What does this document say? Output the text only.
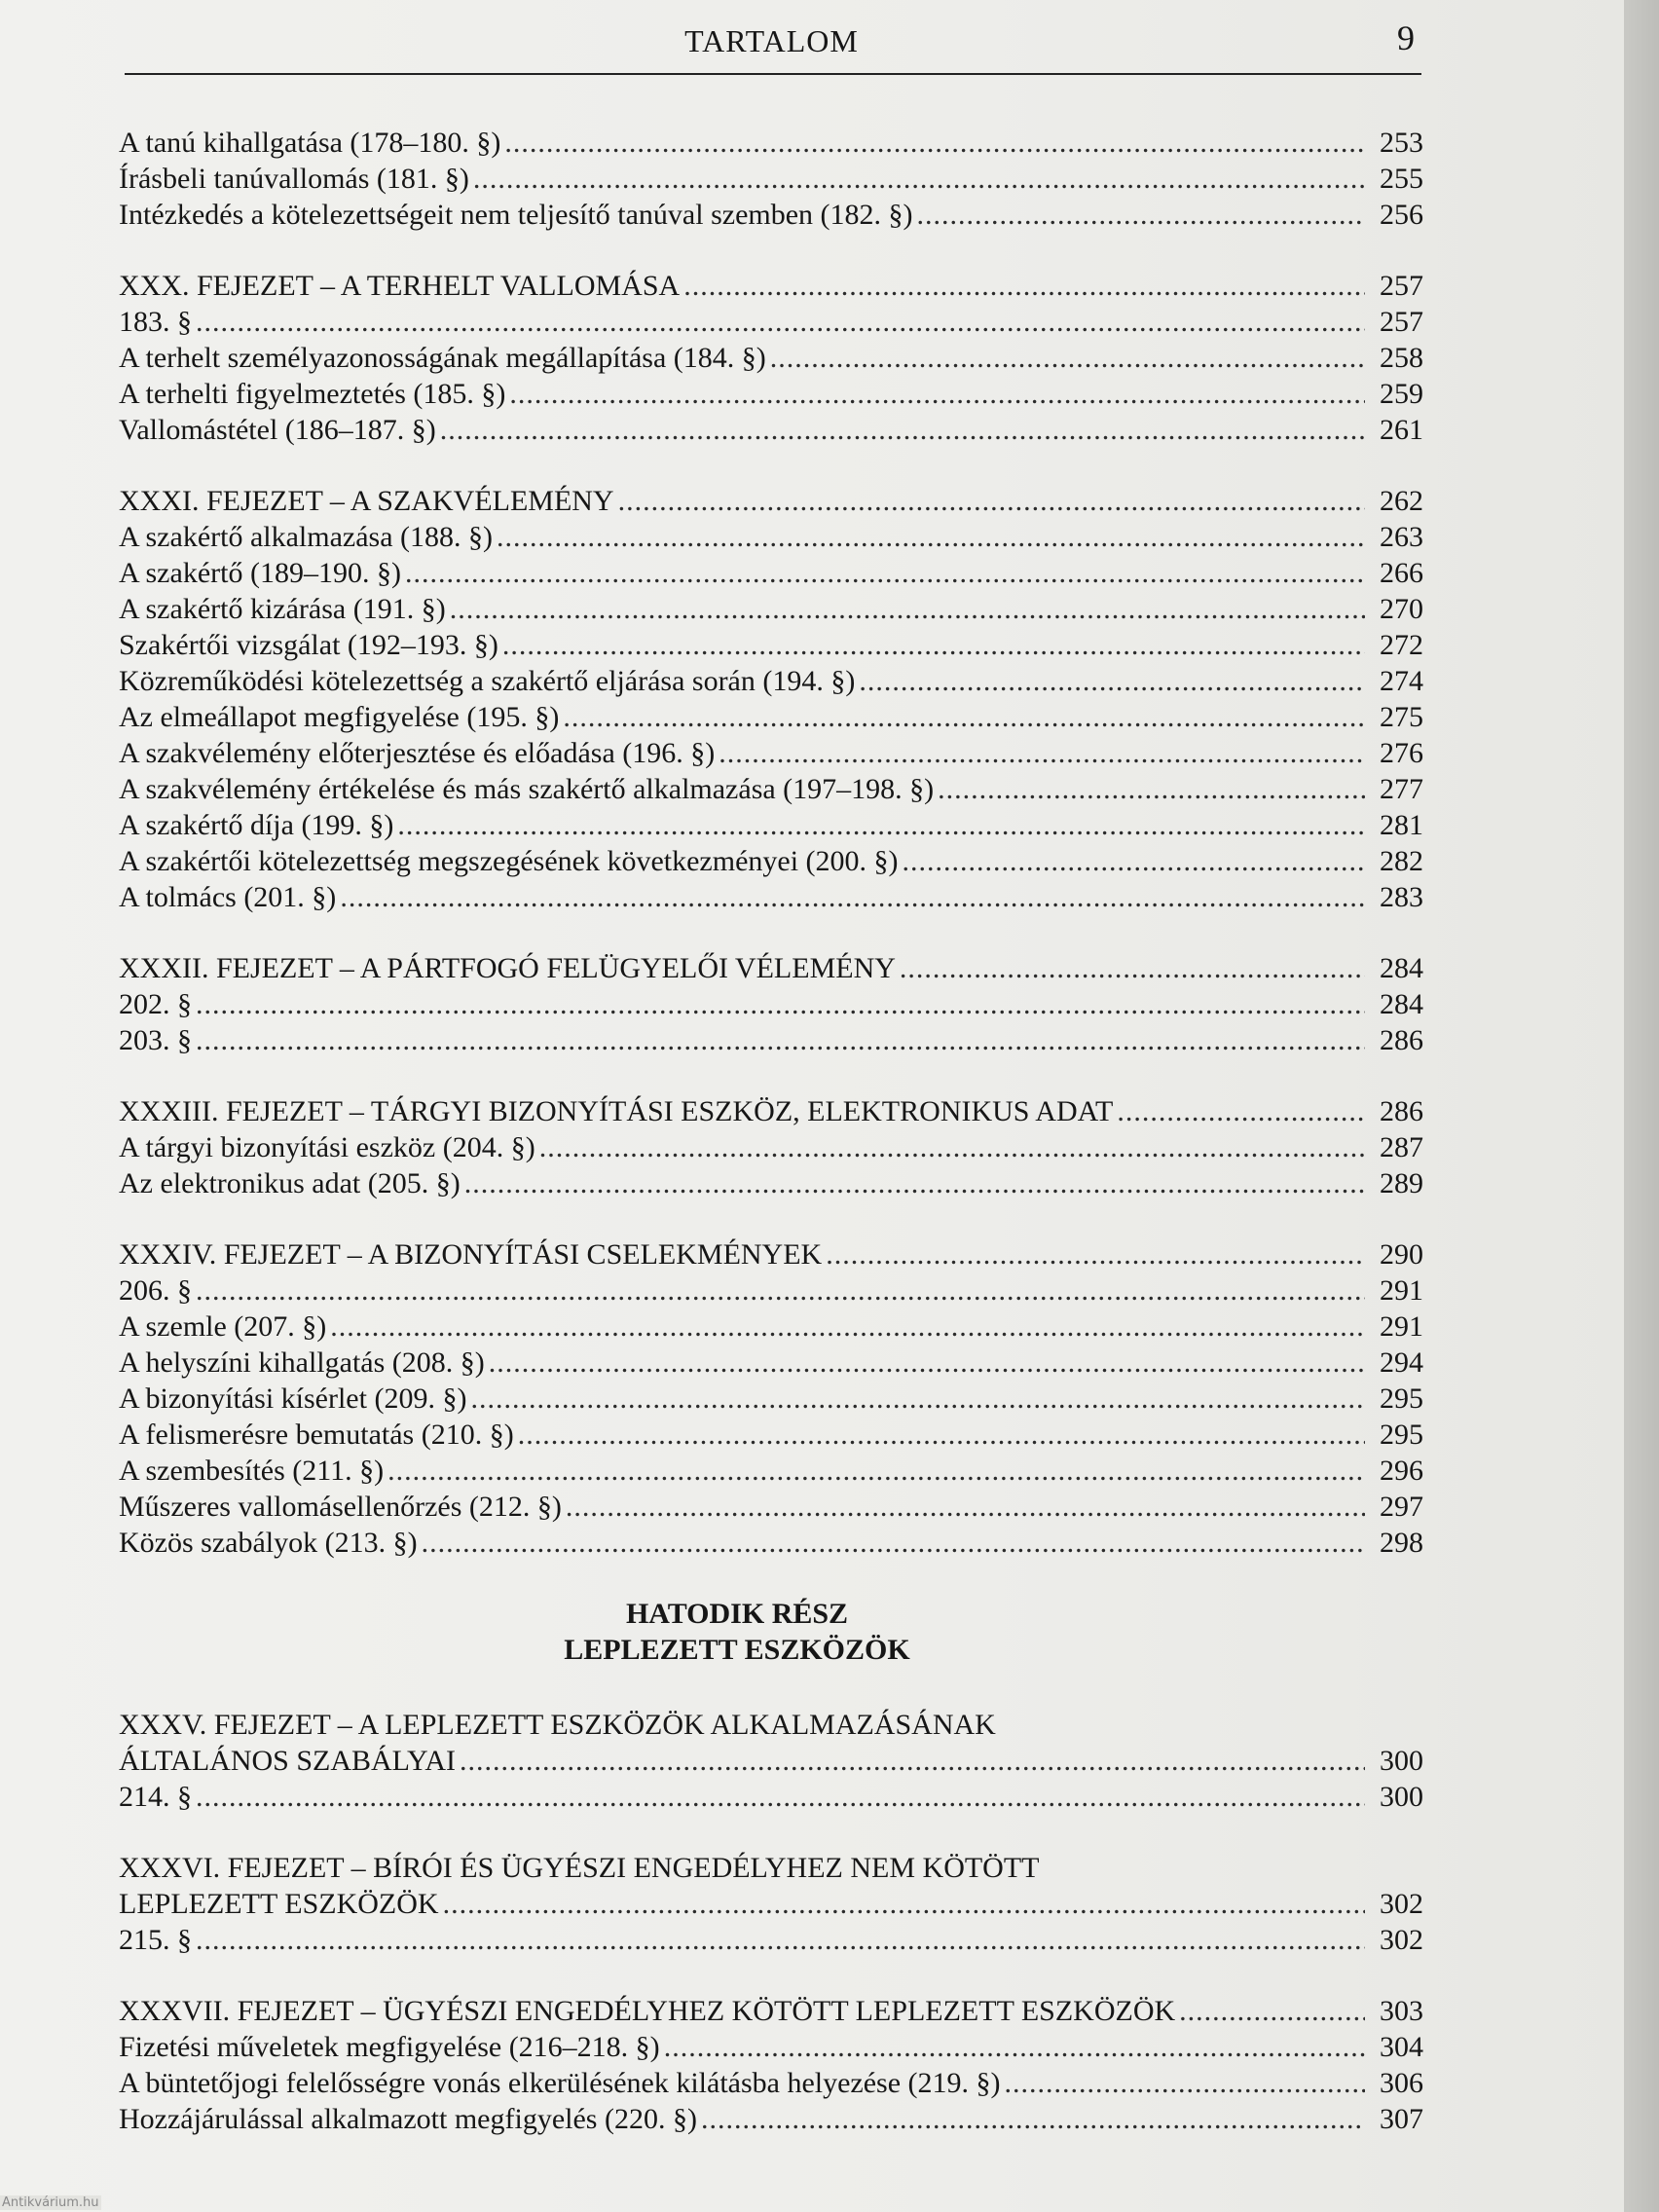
TARTALOM	9
A tanú kihallgatása (178–180. §) .....	253
Írásbeli tanúvallomás (181. §) .....	255
Intézkedés a kötelezettségeit nem teljesítő tanúval szemben (182. §) .....	256
XXX. FEJEZET – A TERHELT VALLOMÁSA .....	257
183. § .....	257
A terhelt személyazonosságának megállapítása (184. §) .....	258
A terhelti figyelmeztetés (185. §) .....	259
Vallomástétel (186–187. §) .....	261
XXXI. FEJEZET – A SZAKVÉLEMÉNY .....	262
A szakértő alkalmazása (188. §) .....	263
A szakértő (189–190. §) .....	266
A szakértő kizárása (191. §) .....	270
Szakértői vizsgálat (192–193. §) .....	272
Közreműködési kötelezettség a szakértő eljárása során (194. §) .....	274
Az elmeállapot megfigyelése (195. §) .....	275
A szakvélemény előterjesztése és előadása (196. §) .....	276
A szakvélemény értékelése és más szakértő alkalmazása (197–198. §) .....	277
A szakértő díja (199. §) .....	281
A szakértői kötelezettség megszegésének következményei (200. §) .....	282
A tolmács (201. §) .....	283
XXXII. FEJEZET – A PÁRTFOGÓ FELÜGYELŐI VÉLEMÉNY .....	284
202. § .....	284
203. § .....	286
XXXIII. FEJEZET – TÁRGYI BIZONYÍTÁSI ESZKÖZ, ELEKTRONIKUS ADAT .....	286
A tárgyi bizonyítási eszköz (204. §) .....	287
Az elektronikus adat (205. §) .....	289
XXXIV. FEJEZET – A BIZONYÍTÁSI CSELEKMÉNYEK .....	290
206. § .....	291
A szemle (207. §) .....	291
A helyszíni kihallgatás (208. §) .....	294
A bizonyítási kísérlet (209. §) .....	295
A felismerésre bemutatás (210. §) .....	295
A szembesítés (211. §) .....	296
Műszeres vallomásellenőrzés (212. §) .....	297
Közös szabályok (213. §) .....	298
HATODIK RÉSZ
LEPLEZETT ESZKÖZÖK
XXXV. FEJEZET – A LEPLEZETT ESZKÖZÖK ALKALMAZÁSÁNAK
ÁLTALÁNOS SZABÁLYAI .....	300
214. § .....	300
XXXVI. FEJEZET – BÍRÓI ÉS ÜGYÉSZI ENGEDÉLYHEZ NEM KÖTÖTT
LEPLEZETT ESZKÖZÖK .....	302
215. § .....	302
XXXVII. FEJEZET – ÜGYÉSZI ENGEDÉLYHEZ KÖTÖTT LEPLEZETT ESZKÖZÖK .....	303
Fizetési műveletek megfigyelése (216–218. §) .....	304
A büntetőjogi felelősségre vonás elkerülésének kilátásba helyezése (219. §) .....	306
Hozzájárulással alkalmazott megfigyelés (220. §) .....	307
Antikvárium.hu
